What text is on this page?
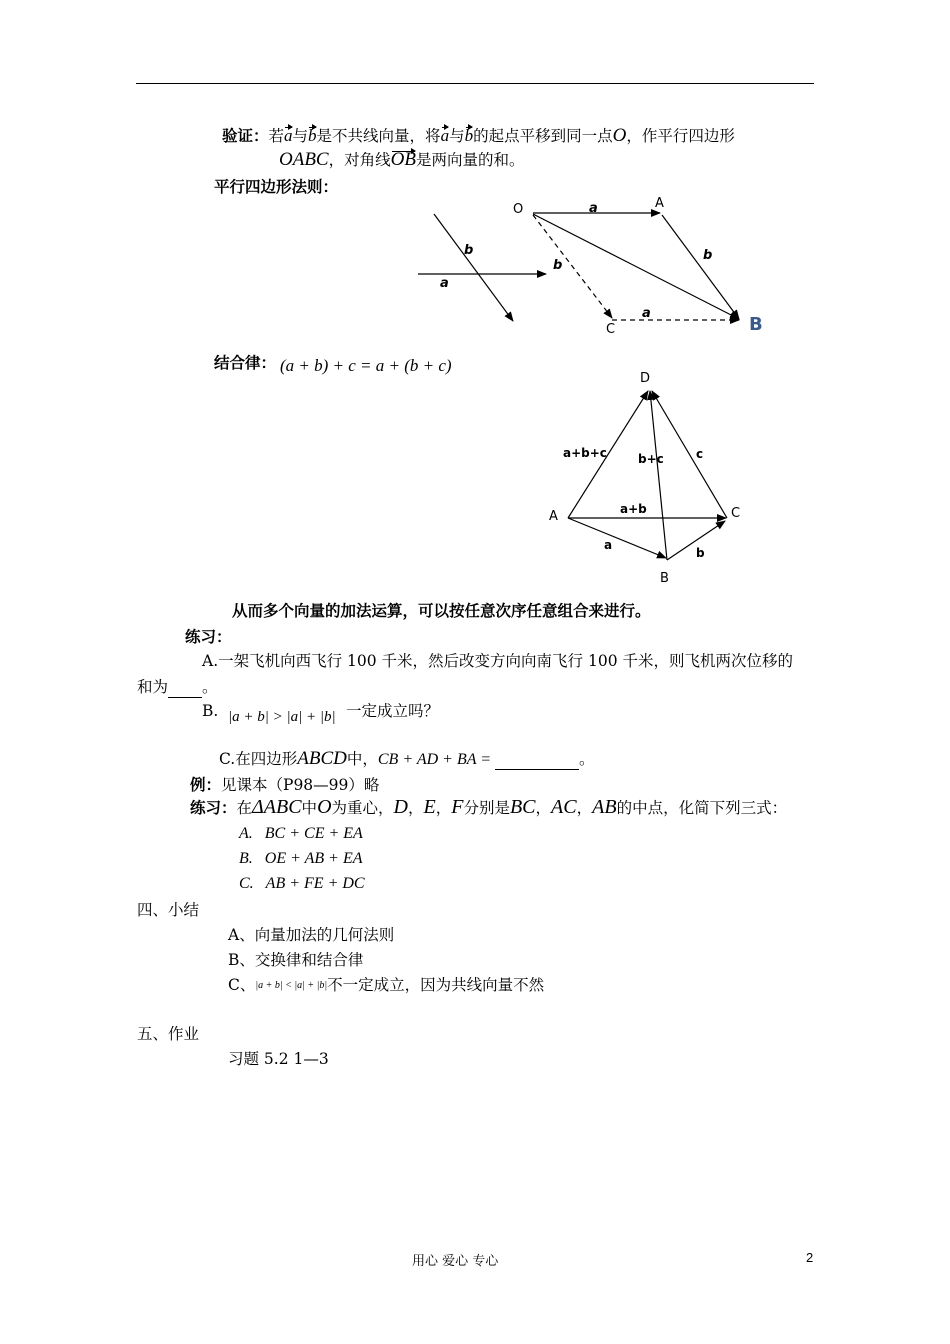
验证：若a与b是不共线向量，将a与b的起点平移到同一点O，作平行四边形
OABC，对角线OB是两向量的和。
平行四边形法则：
b
a
O	A
B
C
a
b
b
a
结合律： (a + b) + c = a + (b + c)
D
A
B
C
a+b+c	b+c	c
a+b
a
b
从而多个向量的加法运算，可以按任意次序任意组合来进行。
练习：
A.一架飞机向西飞行 100 千米，然后改变方向向南飞行 100 千米，则飞机两次位移的
和为 。
B. |a + b| > |a| + |b| 一定成立吗？
C.在四边形ABCD中，CB + AD + BA =	。
例：见课本（P98—99）略
练习：在ΔABC中O为重心，D，E，F分别是BC，AC，AB的中点，化简下列三式：
A. BC + CE + EA
B. OE + AB + EA
C. AB + FE + DC
四、小结
A、向量加法的几何法则
B、交换律和结合律
C、|a + b| < |a| + |b|不一定成立，因为共线向量不然
五、作业
习题 5.2 1—3
用心 爱心 专心	2
